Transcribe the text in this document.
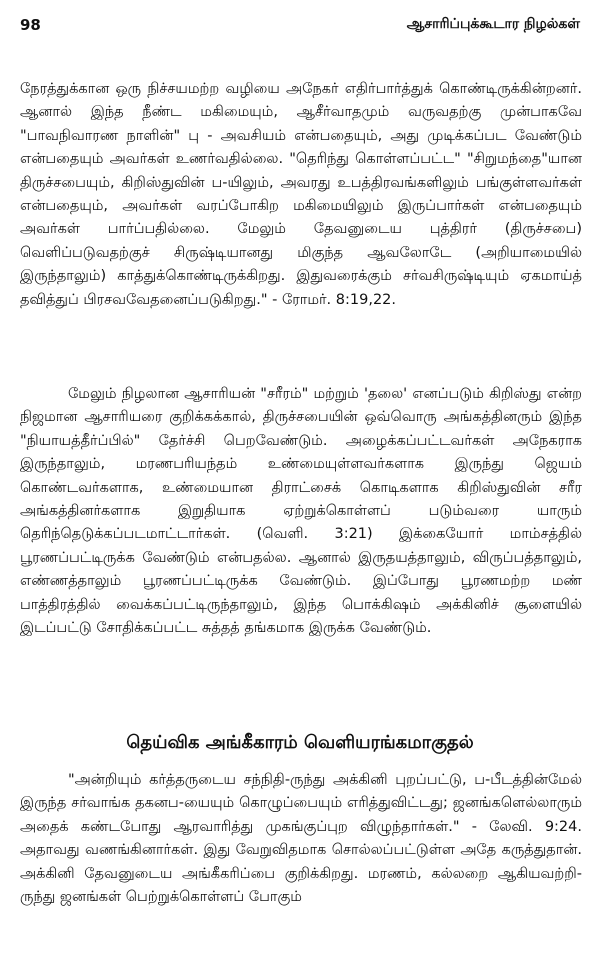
98	ஆசாரிப்புக்கூடார நிழல்கள்

நேரத்துக்கான ஒரு நிச்சயமற்ற வழியை அநேகர் எதிர்பார்த்துக் கொண்டிருக்கின்றனர். ஆனால் இந்த நீண்ட மகிமையும், ஆசீர்வாதமும் வருவதற்கு முன்பாகவே "பாவநிவாரண நாளின்" பு - அவசியம் என்பதையும், அது முடிக்கப்பட வேண்டும் என்பதையும் அவர்கள் உணர்வதில்லை. "தெரிந்து கொள்ளப்பட்ட" "சிறுமந்தை"யான திருச்சபையும், கிறிஸ்துவின் ப-யிலும், அவரது உபத்திரவங்களிலும் பங்குள்ளவர்கள் என்பதையும், அவர்கள் வரப்போகிற மகிமையிலும் இருப்பார்கள் என்பதையும் அவர்கள் பார்ப்பதில்லை. மேலும் தேவனுடைய புத்திரர் (திருச்சபை) வெளிப்படுவதற்குச் சிருஷ்டியானது மிகுந்த ஆவலோடே (அறியாமையில் இருந்தாலும்) காத்துக்கொண்டிருக்கிறது. இதுவரைக்கும் சர்வசிருஷ்டியும் ஏகமாய்த் தவித்துப் பிரசவவேதனைப்படுகிறது." - ரோமர். 8:19,22.

மேலும் நிழலான ஆசாரியன் "சரீரம்" மற்றும் 'தலை' எனப்படும் கிறிஸ்து என்ற நிஜமான ஆசாரியரை குறிக்கக்கால், திருச்சபையின் ஒவ்வொரு அங்கத்தினரும் இந்த "நியாயத்தீர்ப்பில்" தேர்ச்சி பெறவேண்டும். அழைக்கப்பட்டவர்கள் அநேகராக இருந்தாலும், மரணபரியந்தம் உண்மையுள்ளவர்களாக இருந்து ஜெயம் கொண்டவர்களாக, உண்மையான திராட்சைக் கொடிகளாக கிறிஸ்துவின் சரீர அங்கத்தினர்களாக இறுதியாக ஏற்றுக்கொள்ளப் படும்வரை யாரும் தெரிந்தெடுக்கப்படமாட்டார்கள். (வெளி. 3:21) இக்கையோர் மாம்சத்தில் பூரணப்பட்டிருக்க வேண்டும் என்பதல்ல. ஆனால் இருதயத்தாலும், விருப்பத்தாலும், எண்ணத்தாலும் பூரணப்பட்டிருக்க வேண்டும். இப்போது பூரணமற்ற மண் பாத்திரத்தில் வைக்கப்பட்டிருந்தாலும், இந்த பொக்கிஷம் அக்கினிச் சூளையில் இடப்பட்டு சோதிக்கப்பட்ட சுத்தத் தங்கமாக இருக்க வேண்டும்.

தெய்விக அங்கீகாரம் வெளியரங்கமாகுதல்

"அன்றியும் கர்த்தருடைய சந்நிதி-ருந்து அக்கினி புறப்பட்டு, ப-பீடத்தின்மேல் இருந்த சர்வாங்க தகனப-யையும் கொழுப்பையும் எரித்துவிட்டது; ஜனங்களெல்லாரும் அதைக் கண்டபோது ஆரவாரித்து முகங்குப்புற விழுந்தார்கள்." - லேவி. 9:24. அதாவது வணங்கினார்கள். இது வேறுவிதமாக சொல்லப்பட்டுள்ள அதே கருத்துதான். அக்கினி தேவனுடைய அங்கீகரிப்பை குறிக்கிறது. மரணம், கல்லறை ஆகியவற்றி-ருந்து ஜனங்கள் பெற்றுக்கொள்ளப் போகும்
